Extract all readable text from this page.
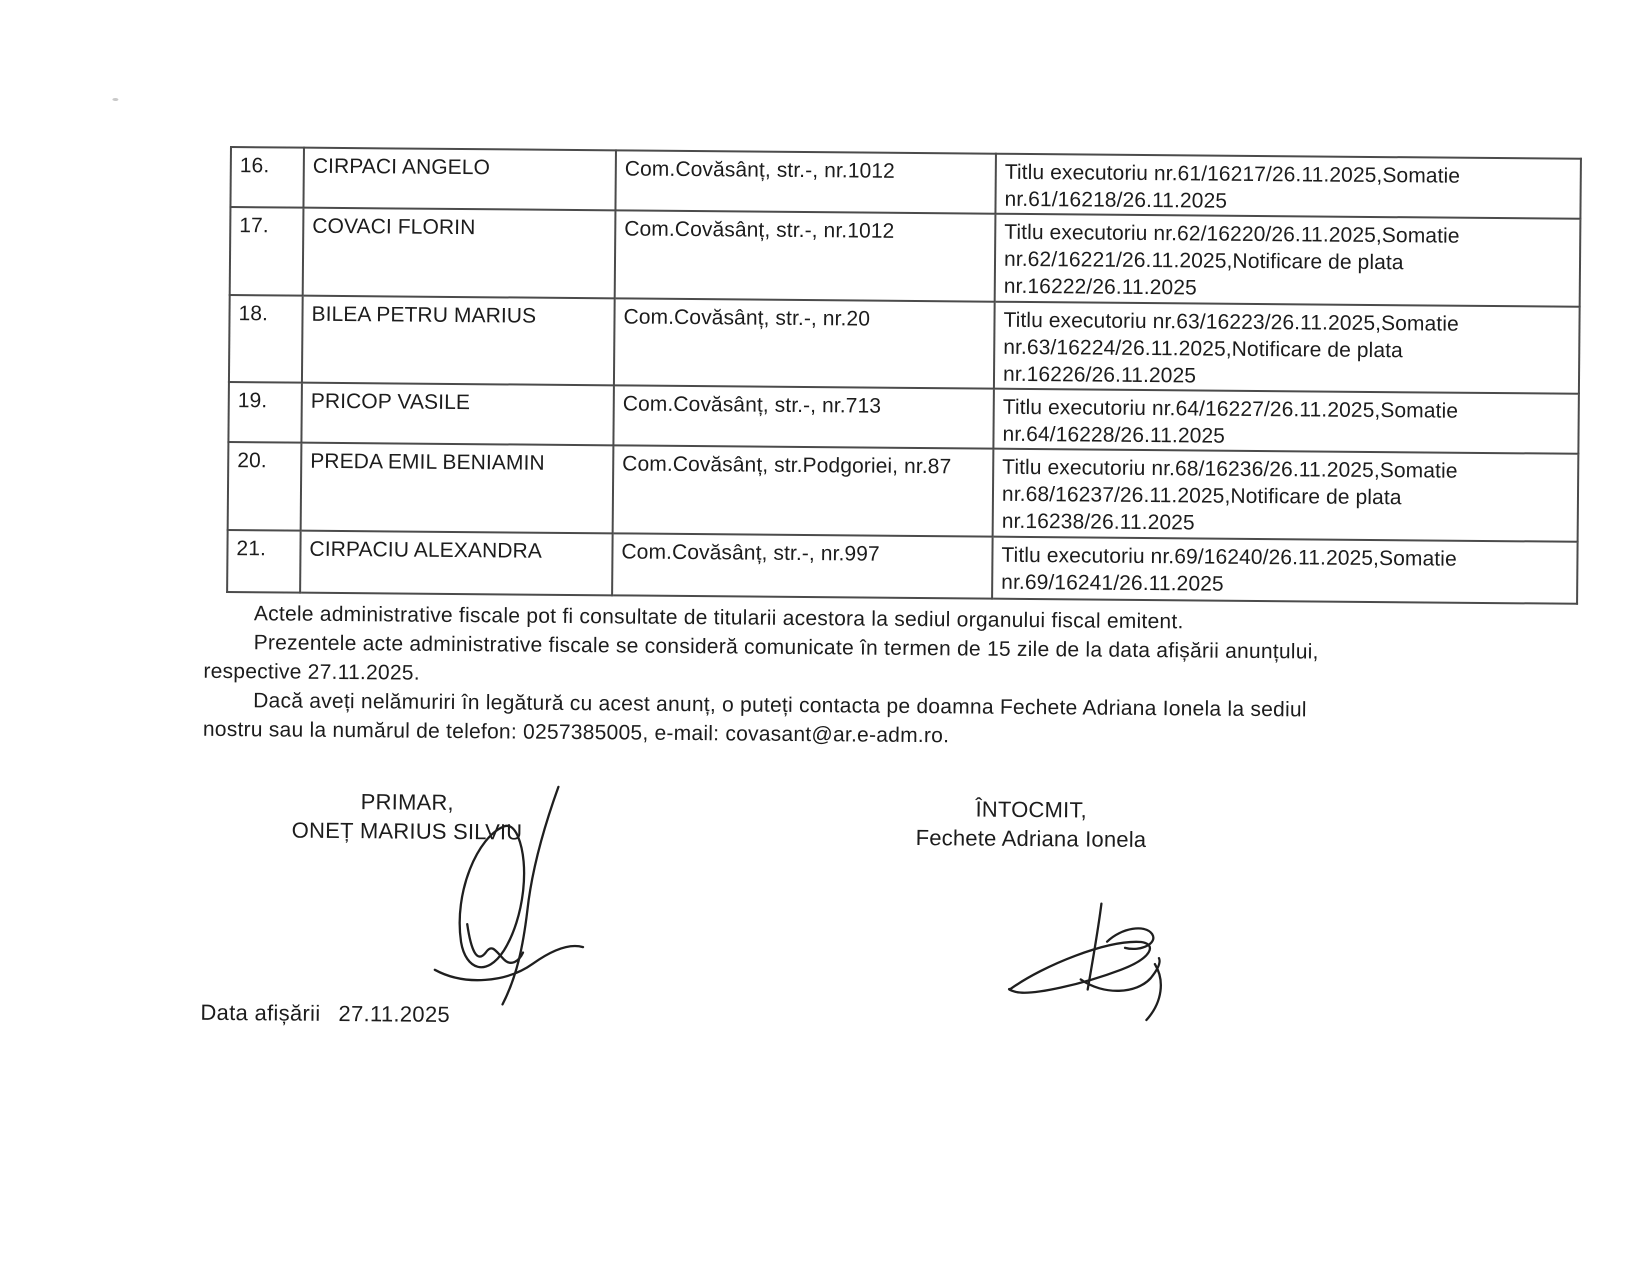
16.	CIRPACI ANGELO	Com.Covăsânț, str.-, nr.1012	Titlu executoriu nr.61/16217/26.11.2025,Somatie nr.61/16218/26.11.2025
17.	COVACI FLORIN	Com.Covăsânț, str.-, nr.1012	Titlu executoriu nr.62/16220/26.11.2025,Somatie nr.62/16221/26.11.2025,Notificare de plata nr.16222/26.11.2025
18.	BILEA PETRU MARIUS	Com.Covăsânț, str.-, nr.20	Titlu executoriu nr.63/16223/26.11.2025,Somatie nr.63/16224/26.11.2025,Notificare de plata nr.16226/26.11.2025
19.	PRICOP VASILE	Com.Covăsânț, str.-, nr.713	Titlu executoriu nr.64/16227/26.11.2025,Somatie nr.64/16228/26.11.2025
20.	PREDA EMIL BENIAMIN	Com.Covăsânț, str.Podgoriei, nr.87	Titlu executoriu nr.68/16236/26.11.2025,Somatie nr.68/16237/26.11.2025,Notificare de plata nr.16238/26.11.2025
21.	CIRPACIU ALEXANDRA	Com.Covăsânț, str.-, nr.997	Titlu executoriu nr.69/16240/26.11.2025,Somatie nr.69/16241/26.11.2025
Actele administrative fiscale pot fi consultate de titularii acestora la sediul organului fiscal emitent.
Prezentele acte administrative fiscale se consideră comunicate în termen de 15 zile de la data afișării anunțului,
respective 27.11.2025.
Dacă aveți nelămuriri în legătură cu acest anunț, o puteți contacta pe doamna Fechete Adriana Ionela la sediul
nostru sau la numărul de telefon: 0257385005, e-mail: covasant@ar.e-adm.ro.
PRIMAR,
ONEȚ MARIUS SILVIU
ÎNTOCMIT,
Fechete Adriana Ionela
Data afișării 27.11.2025
